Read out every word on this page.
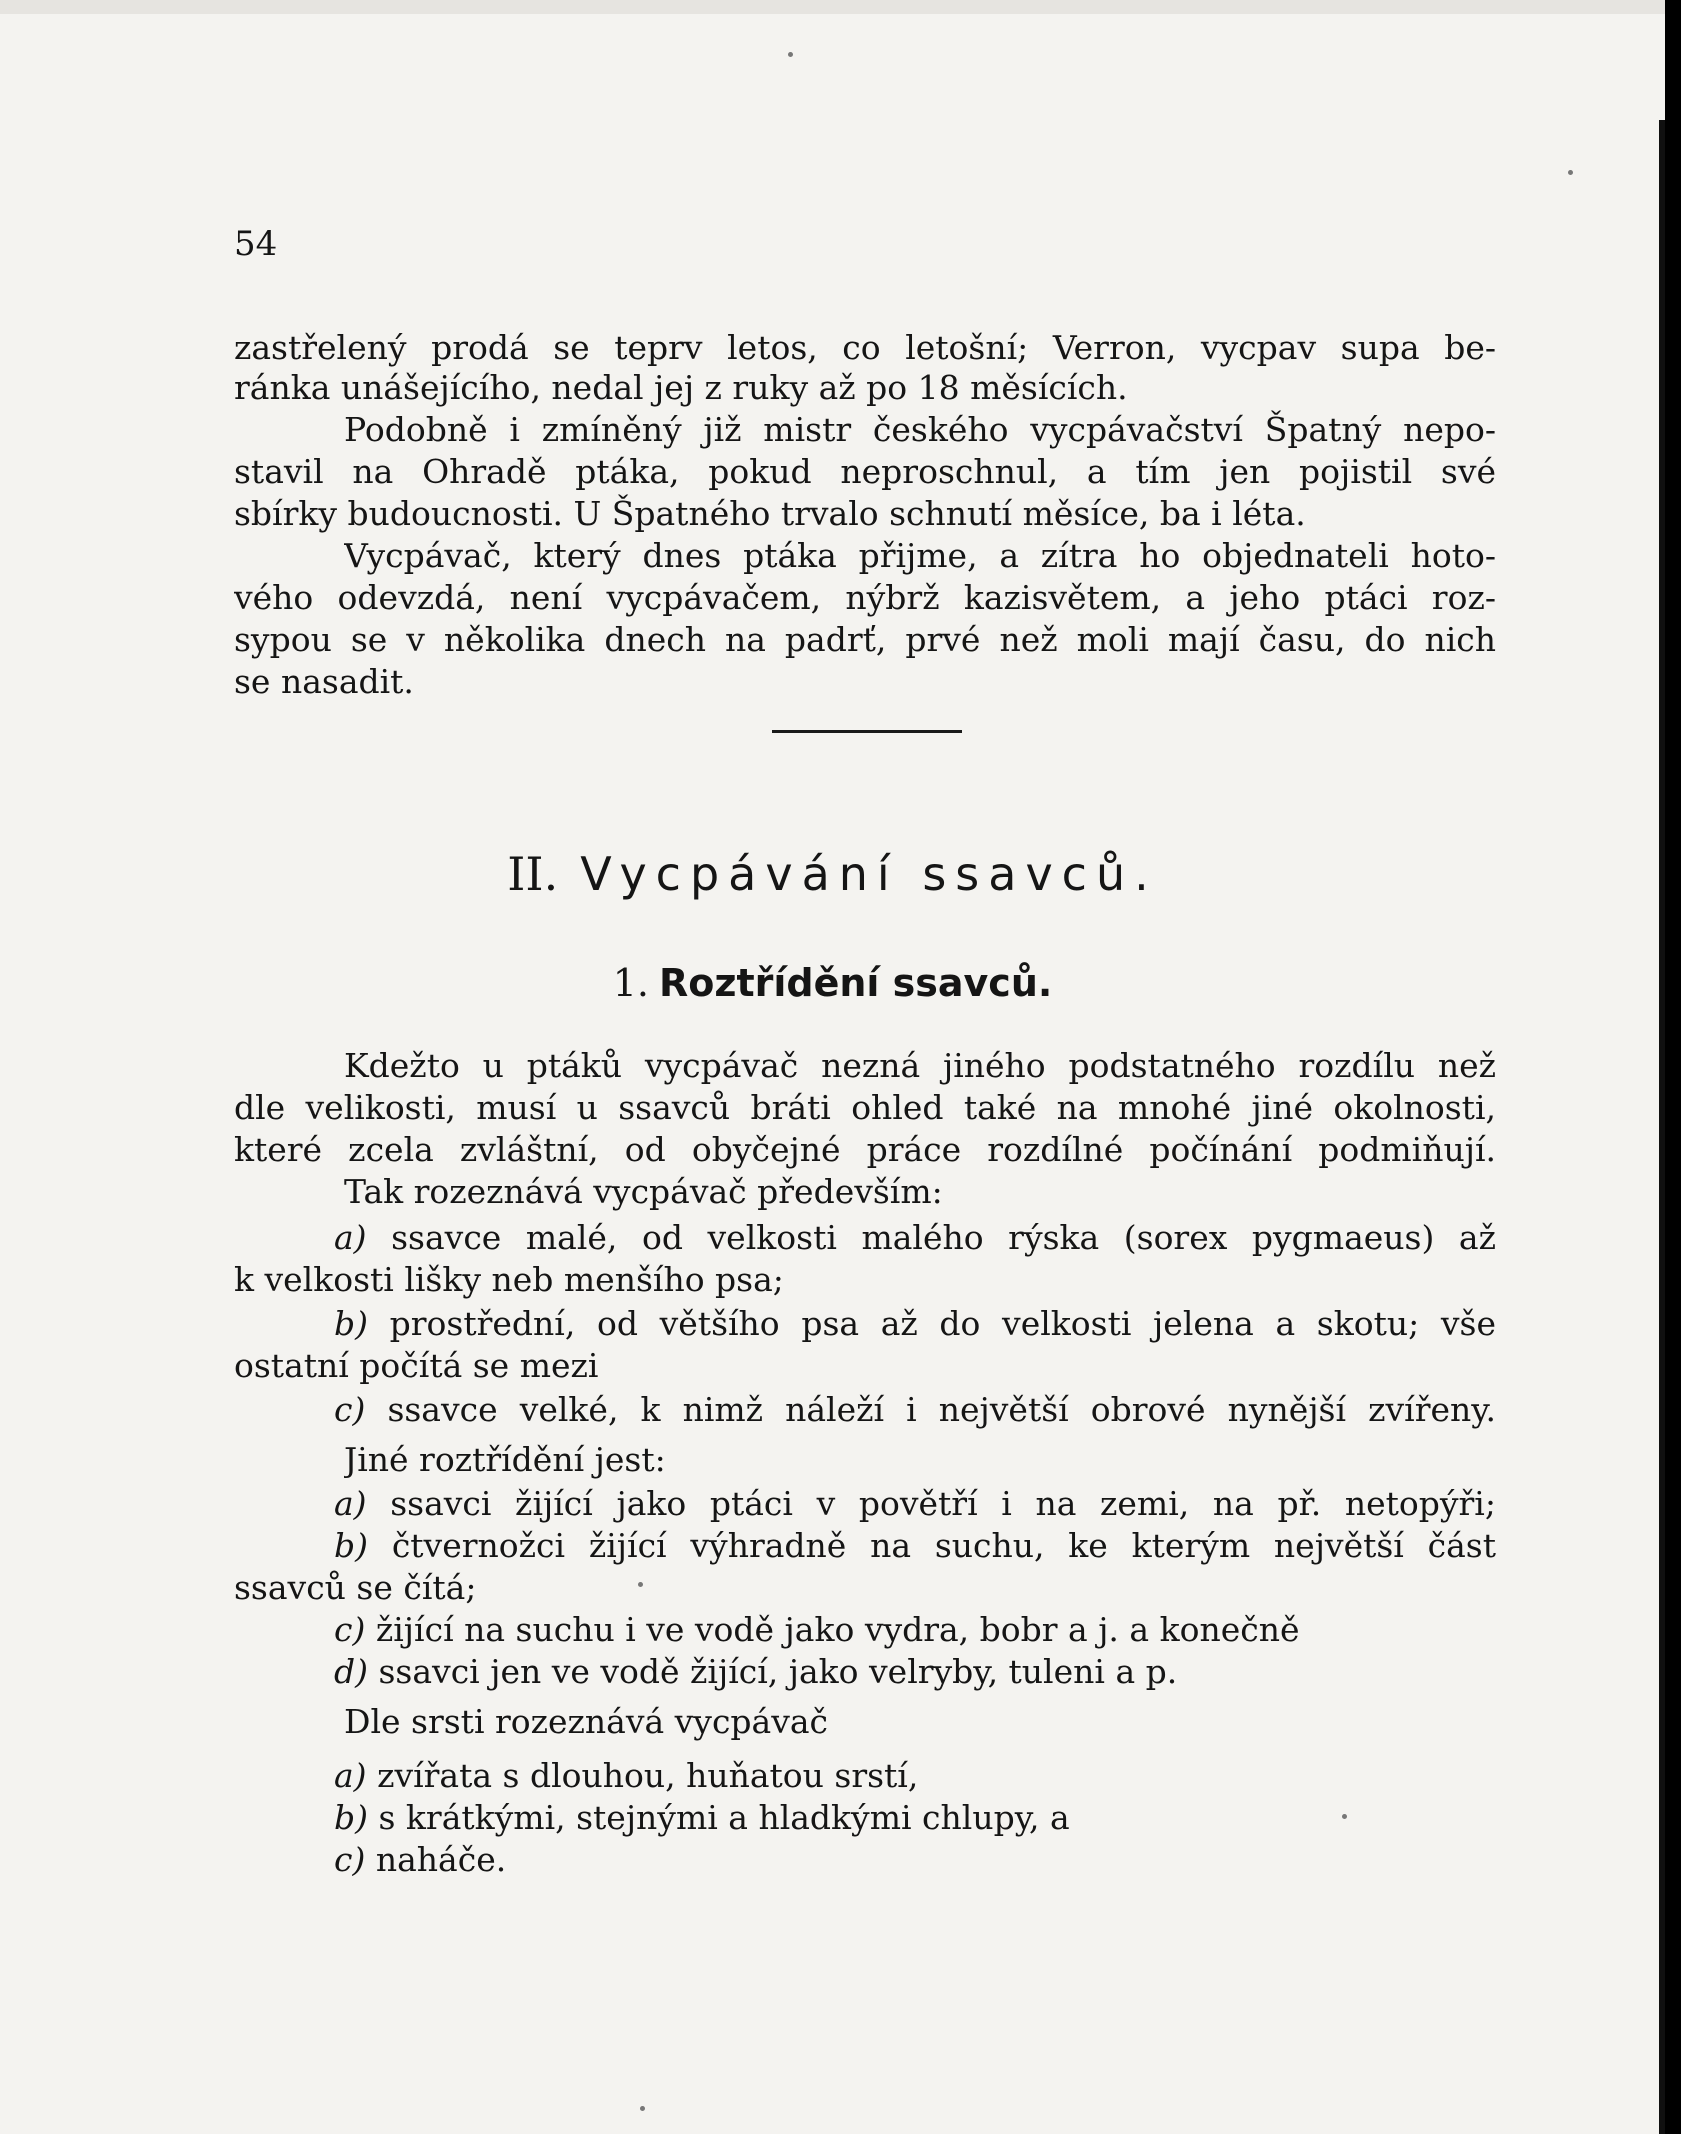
54
zastřelený prodá se teprv letos, co letošní; Verron, vycpav supa be-
ránka unášejícího, nedal jej z ruky až po 18 měsících.
Podobně i zmíněný již mistr českého vycpávačství Špatný nepo-
stavil na Ohradě ptáka, pokud neproschnul, a tím jen pojistil své
sbírky budoucnosti. U Špatného trvalo schnutí měsíce, ba i léta.
Vycpávač, který dnes ptáka přijme, a zítra ho objednateli hoto-
vého odevzdá, není vycpávačem, nýbrž kazisvětem, a jeho ptáci roz-
sypou se v několika dnech na padrť, prvé než moli mají času, do nich
se nasadit.
II. Vycpávání ssavců.
1. Roztřídění ssavců.
Kdežto u ptáků vycpávač nezná jiného podstatného rozdílu než
dle velikosti, musí u ssavců bráti ohled také na mnohé jiné okolnosti,
které zcela zvláštní, od obyčejné práce rozdílné počínání podmiňují.
Tak rozeznává vycpávač především:
a) ssavce malé, od velkosti malého rýska (sorex pygmaeus) až
k velkosti lišky neb menšího psa;
b) prostřední, od většího psa až do velkosti jelena a skotu; vše
ostatní počítá se mezi
c) ssavce velké, k nimž náleží i největší obrové nynější zvířeny.
Jiné roztřídění jest:
a) ssavci žijící jako ptáci v povětří i na zemi, na př. netopýři;
b) čtvernožci žijící výhradně na suchu, ke kterým největší část
ssavců se čítá;
c) žijící na suchu i ve vodě jako vydra, bobr a j. a konečně
d) ssavci jen ve vodě žijící, jako velryby, tuleni a p.
Dle srsti rozeznává vycpávač
a) zvířata s dlouhou, huňatou srstí,
b) s krátkými, stejnými a hladkými chlupy, a
c) naháče.
